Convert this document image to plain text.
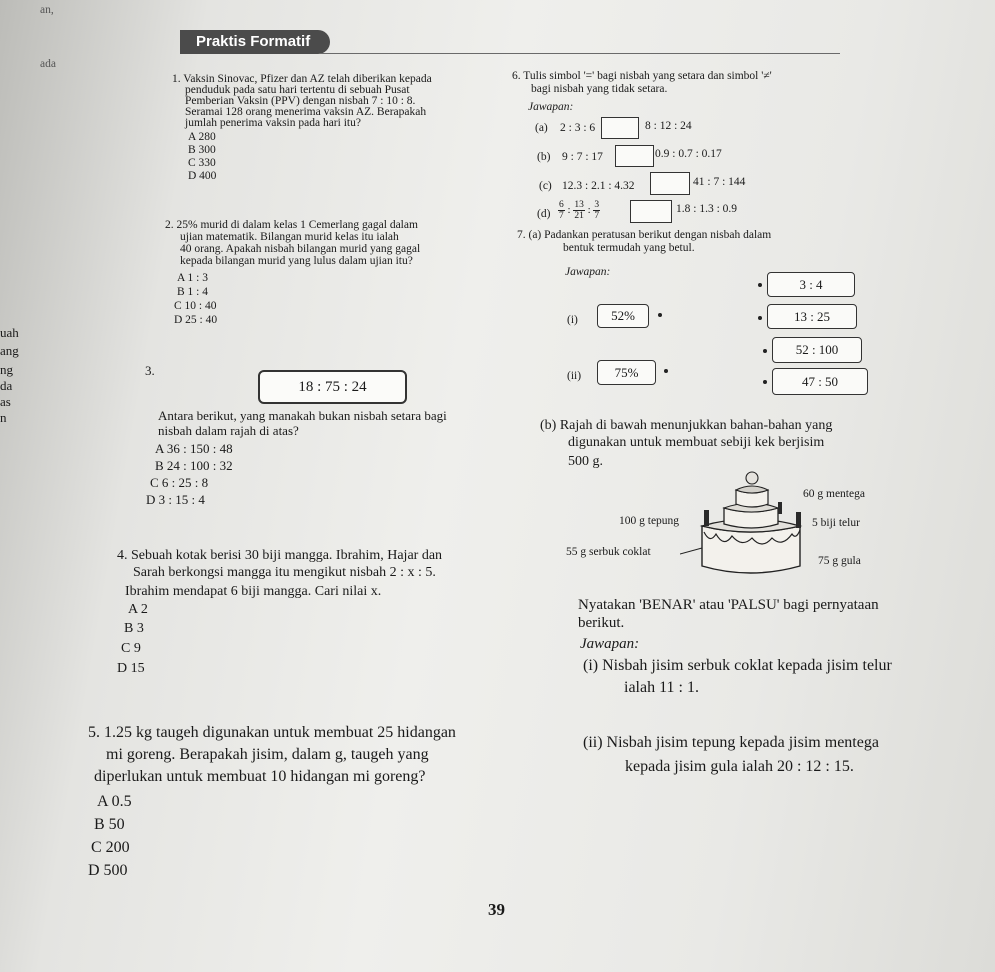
an,
ada
Praktis Formatif
uah
ang
ng
da
as
n
1. Vaksin Sinovac, Pfizer dan AZ telah diberikan kepada
penduduk pada satu hari tertentu di sebuah Pusat
Pemberian Vaksin (PPV) dengan nisbah 7 : 10 : 8.
Seramai 128 orang menerima vaksin AZ. Berapakah
jumlah penerima vaksin pada hari itu?
A 280
B 300
C 330
D 400
2. 25% murid di dalam kelas 1 Cemerlang gagal dalam
ujian matematik. Bilangan murid kelas itu ialah
40 orang. Apakah nisbah bilangan murid yang gagal
kepada bilangan murid yang lulus dalam ujian itu?
A 1 : 3
B 1 : 4
C 10 : 40
D 25 : 40
3.
18 : 75 : 24
Antara berikut, yang manakah bukan nisbah setara bagi
nisbah dalam rajah di atas?
A 36 : 150 : 48
B 24 : 100 : 32
C 6 : 25 : 8
D 3 : 15 : 4
4. Sebuah kotak berisi 30 biji mangga. Ibrahim, Hajar dan
Sarah berkongsi mangga itu mengikut nisbah 2 : x : 5.
Ibrahim mendapat 6 biji mangga. Cari nilai x.
A 2
B 3
C 9
D 15
5. 1.25 kg taugeh digunakan untuk membuat 25 hidangan
mi goreng. Berapakah jisim, dalam g, taugeh yang
diperlukan untuk membuat 10 hidangan mi goreng?
A 0.5
B 50
C 200
D 500
6. Tulis simbol '=' bagi nisbah yang setara dan simbol '≠'
bagi nisbah yang tidak setara.
Jawapan:
(a) 2 : 3 : 6	8 : 12 : 24
(b) 9 : 7 : 17	0.9 : 0.7 : 0.17
(c) 12.3 : 2.1 : 4.32	41 : 7 : 144
$(d) \frac{6}{7}$ : $\frac{13}{21}$ : $\frac{3}{7}$	1.8 : 1.3 : 0.9
7. (a) Padankan peratusan berikut dengan nisbah dalam
bentuk termudah yang betul.
Jawapan:
(i)	52%
(ii)	75%
3 : 4
13 : 25
52 : 100
47 : 50
(b) Rajah di bawah menunjukkan bahan-bahan yang
digunakan untuk membuat sebiji kek berjisim
500 g.
60 g mentega
100 g tepung	5 biji telur
55 g serbuk coklat
75 g gula
Nyatakan 'BENAR' atau 'PALSU' bagi pernyataan
berikut.
Jawapan:
(i) Nisbah jisim serbuk coklat kepada jisim telur
ialah 11 : 1.
(ii) Nisbah jisim tepung kepada jisim mentega
kepada jisim gula ialah 20 : 12 : 15.
39
